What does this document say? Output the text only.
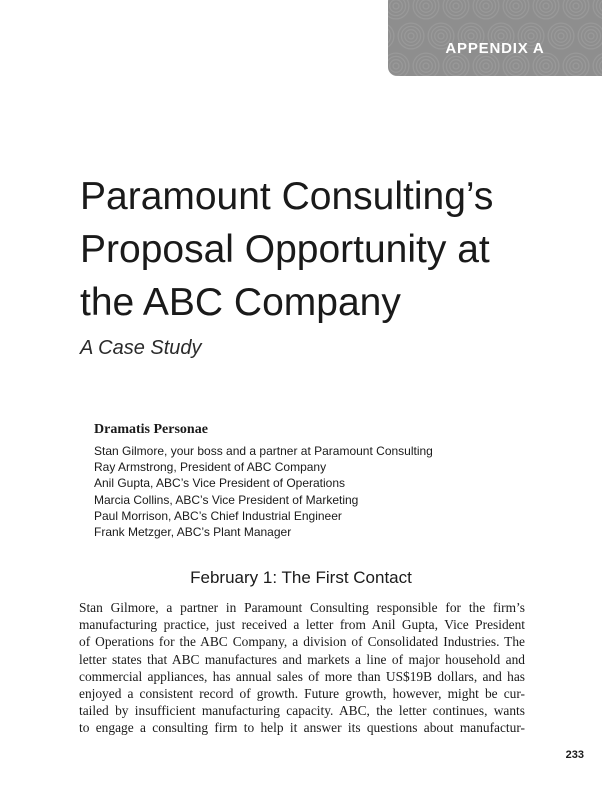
APPENDIX A
Paramount Consulting’s
Proposal Opportunity at
the ABC Company
A Case Study
Dramatis Personae
Stan Gilmore, your boss and a partner at Paramount Consulting
Ray Armstrong, President of ABC Company
Anil Gupta, ABC’s Vice President of Operations
Marcia Collins, ABC’s Vice President of Marketing
Paul Morrison, ABC’s Chief Industrial Engineer
Frank Metzger, ABC’s Plant Manager
February 1: The First Contact

Stan Gilmore, a partner in Paramount Consulting responsible for the firm’s
manufacturing practice, just received a letter from Anil Gupta, Vice President
of Operations for the ABC Company, a division of Consolidated Industries. The
letter states that ABC manufactures and markets a line of major household and
commercial appliances, has annual sales of more than US$19B dollars, and has
enjoyed a consistent record of growth. Future growth, however, might be cur-
tailed by insufficient manufacturing capacity. ABC, the letter continues, wants
to engage a consulting firm to help it answer its questions about manufactur-

233
